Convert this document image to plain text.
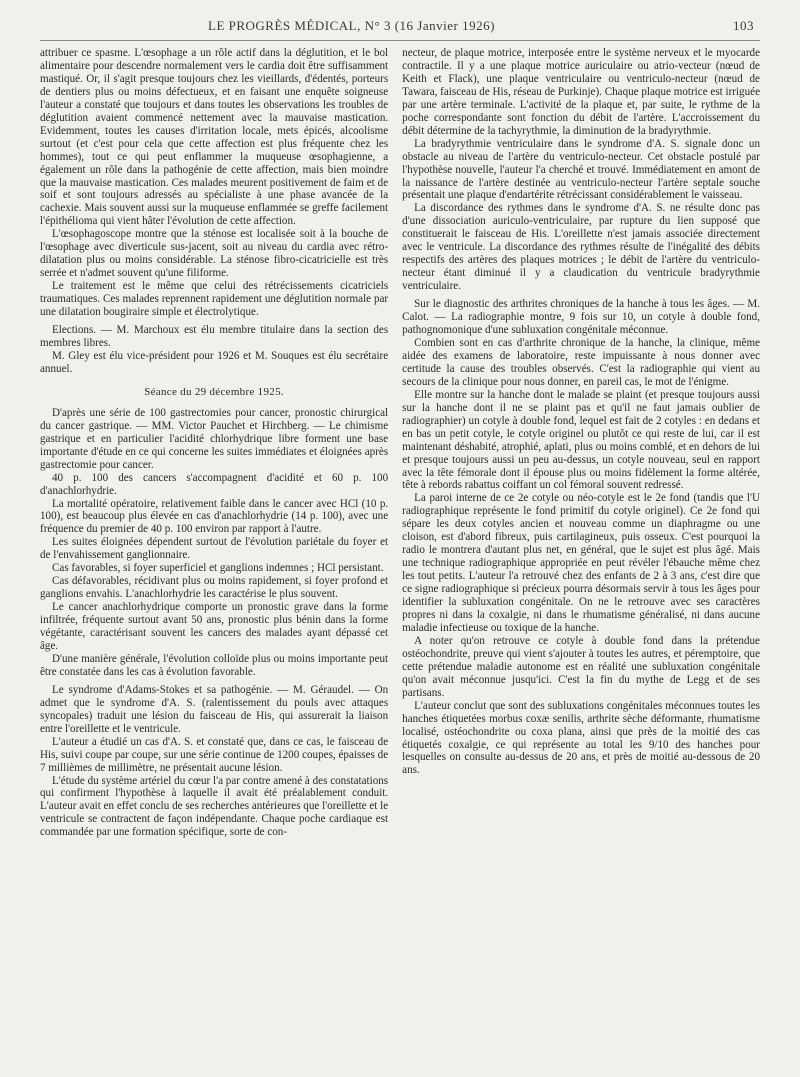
LE PROGRÈS MÉDICAL, N° 3 (16 Janvier 1926)	103

attribuer ce spasme. L'œsophage a un rôle actif dans la déglutition, et le bol alimentaire pour descendre normalement vers le cardia doit être suffisamment mastiqué. Or, il s'agit presque toujours chez les vieillards, d'édentés, porteurs de dentiers plus ou moins défectueux, et en faisant une enquête soigneuse l'auteur a constaté que toujours et dans toutes les observations les troubles de déglutition avaient commencé nettement avec la mauvaise mastication. Evidemment, toutes les causes d'irritation locale, mets épicés, alcoolisme surtout (et c'est pour cela que cette affection est plus fréquente chez les hommes), tout ce qui peut enflammer la muqueuse œsophagienne, a également un rôle dans la pathogénie de cette affection, mais bien moindre que la mauvaise mastication. Ces malades meurent positivement de faim et de soif et sont toujours adressés au spécialiste à une phase avancée de la cachexie. Mais souvent aussi sur la muqueuse enflammée se greffe facilement l'épithélioma qui vient hâter l'évolution de cette affection.

L'œsophagoscope montre que la sténose est localisée soit à la bouche de l'œsophage avec diverticule sus-jacent, soit au niveau du cardia avec rétro-dilatation plus ou moins considérable. La sténose fibro-cicatricielle est très serrée et n'admet souvent qu'une filiforme.

Le traitement est le même que celui des rétrécissements cicatriciels traumatiques. Ces malades reprennent rapidement une déglutition normale par une dilatation bougiraire simple et électrolytique.

Elections. — M. Marchoux est élu membre titulaire dans la section des membres libres.

M. Gley est élu vice-président pour 1926 et M. Souques est élu secrétaire annuel.

Séance du 29 décembre 1925.

D'après une série de 100 gastrectomies pour cancer, pronostic chirurgical du cancer gastrique. — MM. Victor Pauchet et Hirchberg. — Le chimisme gastrique et en particulier l'acidité chlorhydrique libre forment une base importante d'étude en ce qui concerne les suites immédiates et éloignées après gastrectomie pour cancer.

40 p. 100 des cancers s'accompagnent d'acidité et 60 p. 100 d'anachlorhydrie.

La mortalité opératoire, relativement faible dans le cancer avec HCl (10 p. 100), est beaucoup plus élevée en cas d'anachlorhydrie (14 p. 100), avec une fréquence du premier de 40 p. 100 environ par rapport à l'autre.

Les suites éloignées dépendent surtout de l'évolution pariétale du foyer et de l'envahissement ganglionnaire.

Cas favorables, si foyer superficiel et ganglions indemnes ; HCl persistant.

Cas défavorables, récidivant plus ou moins rapidement, si foyer profond et ganglions envahis. L'anachlorhydrie les caractérise le plus souvent.

Le cancer anachlorhydrique comporte un pronostic grave dans la forme infiltrée, fréquente surtout avant 50 ans, pronostic plus bénin dans la forme végétante, caractérisant souvent les cancers des malades ayant dépassé cet âge.

D'une manière générale, l'évolution colloïde plus ou moins importante peut être constatée dans les cas à évolution favorable.

Le syndrome d'Adams-Stokes et sa pathogénie. — M. Géraudel. — On admet que le syndrome d'A. S. (ralentissement du pouls avec attaques syncopales) traduit une lésion du faisceau de His, qui assurerait la liaison entre l'oreillette et le ventricule.

L'auteur a étudié un cas d'A. S. et constaté que, dans ce cas, le faisceau de His, suivi coupe par coupe, sur une série continue de 1200 coupes, épaisses de 7 millièmes de millimètre, ne présentait aucune lésion.

L'étude du système artériel du cœur l'a par contre amené à des constatations qui confirment l'hypothèse à laquelle il avait été préalablement conduit. L'auteur avait en effet conclu de ses recherches antérieures que l'oreillette et le ventricule se contractent de façon indépendante. Chaque poche cardiaque est commandée par une formation spécifique, sorte de con-

necteur, de plaque motrice, interposée entre le système nerveux et le myocarde contractile. Il y a une plaque motrice auriculaire ou atrio-vecteur (nœud de Keith et Flack), une plaque ventriculaire ou ventriculo-necteur (nœud de Tawara, faisceau de His, réseau de Purkinje). Chaque plaque motrice est irriguée par une artère terminale. L'activité de la plaque et, par suite, le rythme de la poche correspondante sont fonction du débit de l'artère. L'accroissement du débit détermine de la tachyrythmie, la diminution de la bradyrythmie.

La bradyrythmie ventriculaire dans le syndrome d'A. S. signale donc un obstacle au niveau de l'artère du ventriculo-necteur. Cet obstacle postulé par l'hypothèse nouvelle, l'auteur l'a cherché et trouvé. Immédiatement en amont de la naissance de l'artère destinée au ventriculo-necteur l'artère septale souche présentait une plaque d'endartérite rétrécissant considérablement le vaisseau.

La discordance des rythmes dans le syndrome d'A. S. ne résulte donc pas d'une dissociation auriculo-ventriculaire, par rupture du lien supposé que constituerait le faisceau de His. L'oreillette n'est jamais associée directement avec le ventricule. La discordance des rythmes résulte de l'inégalité des débits respectifs des artères des plaques motrices ; le débit de l'artère du ventriculo-necteur étant diminué il y a claudication du ventricule bradyrythmie ventriculaire.

Sur le diagnostic des arthrites chroniques de la hanche à tous les âges. — M. Calot. — La radiographie montre, 9 fois sur 10, un cotyle à double fond, pathognomonique d'une subluxation congénitale méconnue.

Combien sont en cas d'arthrite chronique de la hanche, la clinique, même aidée des examens de laboratoire, reste impuissante à nous donner avec certitude la cause des troubles observés. C'est la radiographie qui vient au secours de la clinique pour nous donner, en pareil cas, le mot de l'énigme.

Elle montre sur la hanche dont le malade se plaint (et presque toujours aussi sur la hanche dont il ne se plaint pas et qu'il ne faut jamais oublier de radiographier) un cotyle à double fond, lequel est fait de 2 cotyles : en dedans et en bas un petit cotyle, le cotyle originel ou plutôt ce qui reste de lui, car il est maintenant déshabité, atrophié, aplati, plus ou moins comblé, et en dehors de lui et presque toujours aussi un peu au-dessus, un cotyle nouveau, seul en rapport avec la tête fémorale dont il épouse plus ou moins fidèlement la forme altérée, tête à rebords rabattus coiffant un col fémoral souvent redressé.

La paroi interne de ce 2e cotyle ou néo-cotyle est le 2e fond (tandis que l'U radiographique représente le fond primitif du cotyle originel). Ce 2e fond qui sépare les deux cotyles ancien et nouveau comme un diaphragme ou une cloison, est d'abord fibreux, puis cartilagineux, puis osseux. C'est pourquoi la radio le montrera d'autant plus net, en général, que le sujet est plus âgé. Mais une technique radiographique appropriée en peut révéler l'ébauche même chez les tout petits. L'auteur l'a retrouvé chez des enfants de 2 à 3 ans, c'est dire que ce signe radiographique si précieux pourra désormais servir à tous les âges pour identifier la subluxation congénitale. On ne le retrouve avec ses caractères propres ni dans la coxalgie, ni dans le rhumatisme généralisé, ni dans aucune maladie infectieuse ou toxique de la hanche.

A noter qu'on retrouve ce cotyle à double fond dans la prétendue ostéochondrite, preuve qui vient s'ajouter à toutes les autres, et péremptoire, que cette prétendue maladie autonome est en réalité une subluxation congénitale qu'on avait méconnue jusqu'ici. C'est la fin du mythe de Legg et de ses partisans.

L'auteur conclut que sont des subluxations congénitales méconnues toutes les hanches étiquetées morbus coxæ senilis, arthrite sèche déformante, rhumatisme localisé, ostéochondrite ou coxa plana, ainsi que près de la moitié des cas étiquetés coxalgie, ce qui représente au total les 9/10 des hanches pour lesquelles on consulte au-dessus de 20 ans, et près de moitié au-dessous de 20 ans.
